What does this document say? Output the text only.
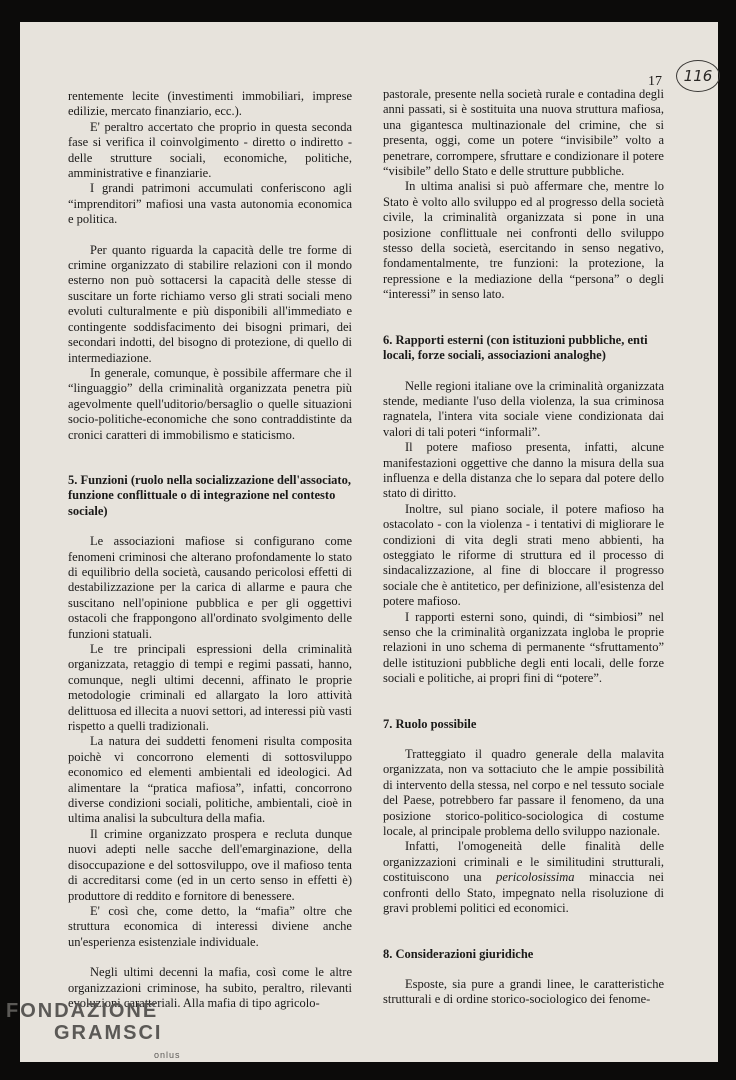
116
17

rentemente lecite (investimenti immobiliari, imprese edilizie, mercato finanziario, ecc.).

E' peraltro accertato che proprio in questa seconda fase si verifica il coinvolgimento - diretto o indiretto - delle strutture sociali, economiche, politiche, amministrative e finanziarie.

I grandi patrimoni accumulati conferiscono agli “imprenditori” mafiosi una vasta autonomia economica e politica.

Per quanto riguarda la capacità delle tre forme di crimine organizzato di stabilire relazioni con il mondo esterno non può sottacersi la capacità delle stesse di suscitare un forte richiamo verso gli strati sociali meno evoluti culturalmente e più disponibili all'immediato e contingente soddisfacimento dei bisogni primari, dei secondari indotti, del bisogno di protezione, di quello di intermediazione.

In generale, comunque, è possibile affermare che il “linguaggio” della criminalità organizzata penetra più agevolmente quell'uditorio/bersaglio o quelle situazioni socio-politiche-economiche che sono contraddistinte da cronici caratteri di immobilismo e staticismo.

5. Funzioni (ruolo nella socializzazione dell'associato, funzione conflittuale o di integrazione nel contesto sociale)

Le associazioni mafiose si configurano come fenomeni criminosi che alterano profondamente lo stato di equilibrio della società, causando pericolosi effetti di destabilizzazione per la carica di allarme e paura che suscitano nell'opinione pubblica e per gli oggettivi ostacoli che frappongono all'ordinato svolgimento delle funzioni statuali.

Le tre principali espressioni della criminalità organizzata, retaggio di tempi e regimi passati, hanno, comunque, negli ultimi decenni, affinato le proprie metodologie criminali ed allargato la loro attività delittuosa ed illecita a nuovi settori, ad interessi più vasti rispetto a quelli tradizionali.

La natura dei suddetti fenomeni risulta composita poichè vi concorrono elementi di sottosviluppo economico ed elementi ambientali ed ideologici. Ad alimentare la “pratica mafiosa”, infatti, concorrono diverse condizioni sociali, politiche, ambientali, cioè in ultima analisi la subcultura della mafia.

Il crimine organizzato prospera e recluta dunque nuovi adepti nelle sacche dell'emarginazione, della disoccupazione e del sottosviluppo, ove il mafioso tenta di accreditarsi come (ed in un certo senso in effetti è) produttore di reddito e fornitore di benessere.

E' così che, come detto, la “mafia” oltre che struttura economica di interessi diviene anche un'esperienza esistenziale individuale.

Negli ultimi decenni la mafia, così come le altre organizzazioni criminose, ha subito, peraltro, rilevanti evoluzioni caratteriali. Alla mafia di tipo agricolo-

pastorale, presente nella società rurale e contadina degli anni passati, si è sostituita una nuova struttura mafiosa, una gigantesca multinazionale del crimine, che si presenta, oggi, come un potere “invisibile” volto a penetrare, corrompere, sfruttare e condizionare il potere “visibile” dello Stato e delle strutture pubbliche.

In ultima analisi si può affermare che, mentre lo Stato è volto allo sviluppo ed al progresso della società civile, la criminalità organizzata si pone in una posizione conflittuale nei confronti dello sviluppo stesso della società, esercitando in senso negativo, fondamentalmente, tre funzioni: la protezione, la repressione e la mediazione della “persona” o degli “interessi” in senso lato.

6. Rapporti esterni (con istituzioni pubbliche, enti locali, forze sociali, associazioni analoghe)

Nelle regioni italiane ove la criminalità organizzata stende, mediante l'uso della violenza, la sua criminosa ragnatela, l'intera vita sociale viene condizionata dai valori di tali poteri “informali”.

Il potere mafioso presenta, infatti, alcune manifestazioni oggettive che danno la misura della sua influenza e della distanza che lo separa dal potere dello stato di diritto.

Inoltre, sul piano sociale, il potere mafioso ha ostacolato - con la violenza - i tentativi di migliorare le condizioni di vita degli strati meno abbienti, ha osteggiato le riforme di struttura ed il processo di sindacalizzazione, al fine di bloccare il progresso sociale che è antitetico, per definizione, all'esistenza del potere mafioso.

I rapporti esterni sono, quindi, di “simbiosi” nel senso che la criminalità organizzata ingloba le proprie relazioni in uno schema di permanente “sfruttamento” delle istituzioni pubbliche degli enti locali, delle forze sociali e politiche, ai propri fini di “potere”.

7. Ruolo possibile

Tratteggiato il quadro generale della malavita organizzata, non va sottaciuto che le ampie possibilità di intervento della stessa, nel corpo e nel tessuto sociale del Paese, potrebbero far passare il fenomeno, da una posizione storico-politico-sociologica di costume locale, al principale problema dello sviluppo nazionale.

Infatti, l'omogeneità delle finalità delle organizzazioni criminali e le similitudini strutturali, costituiscono una pericolosissima minaccia nei confronti dello Stato, impegnato nella risoluzione di gravi problemi politici ed economici.

8. Considerazioni giuridiche

Esposte, sia pure a grandi linee, le caratteristiche strutturali e di ordine storico-sociologico dei fenome-

FONDAZIONE
GRAMSCI
onlus
